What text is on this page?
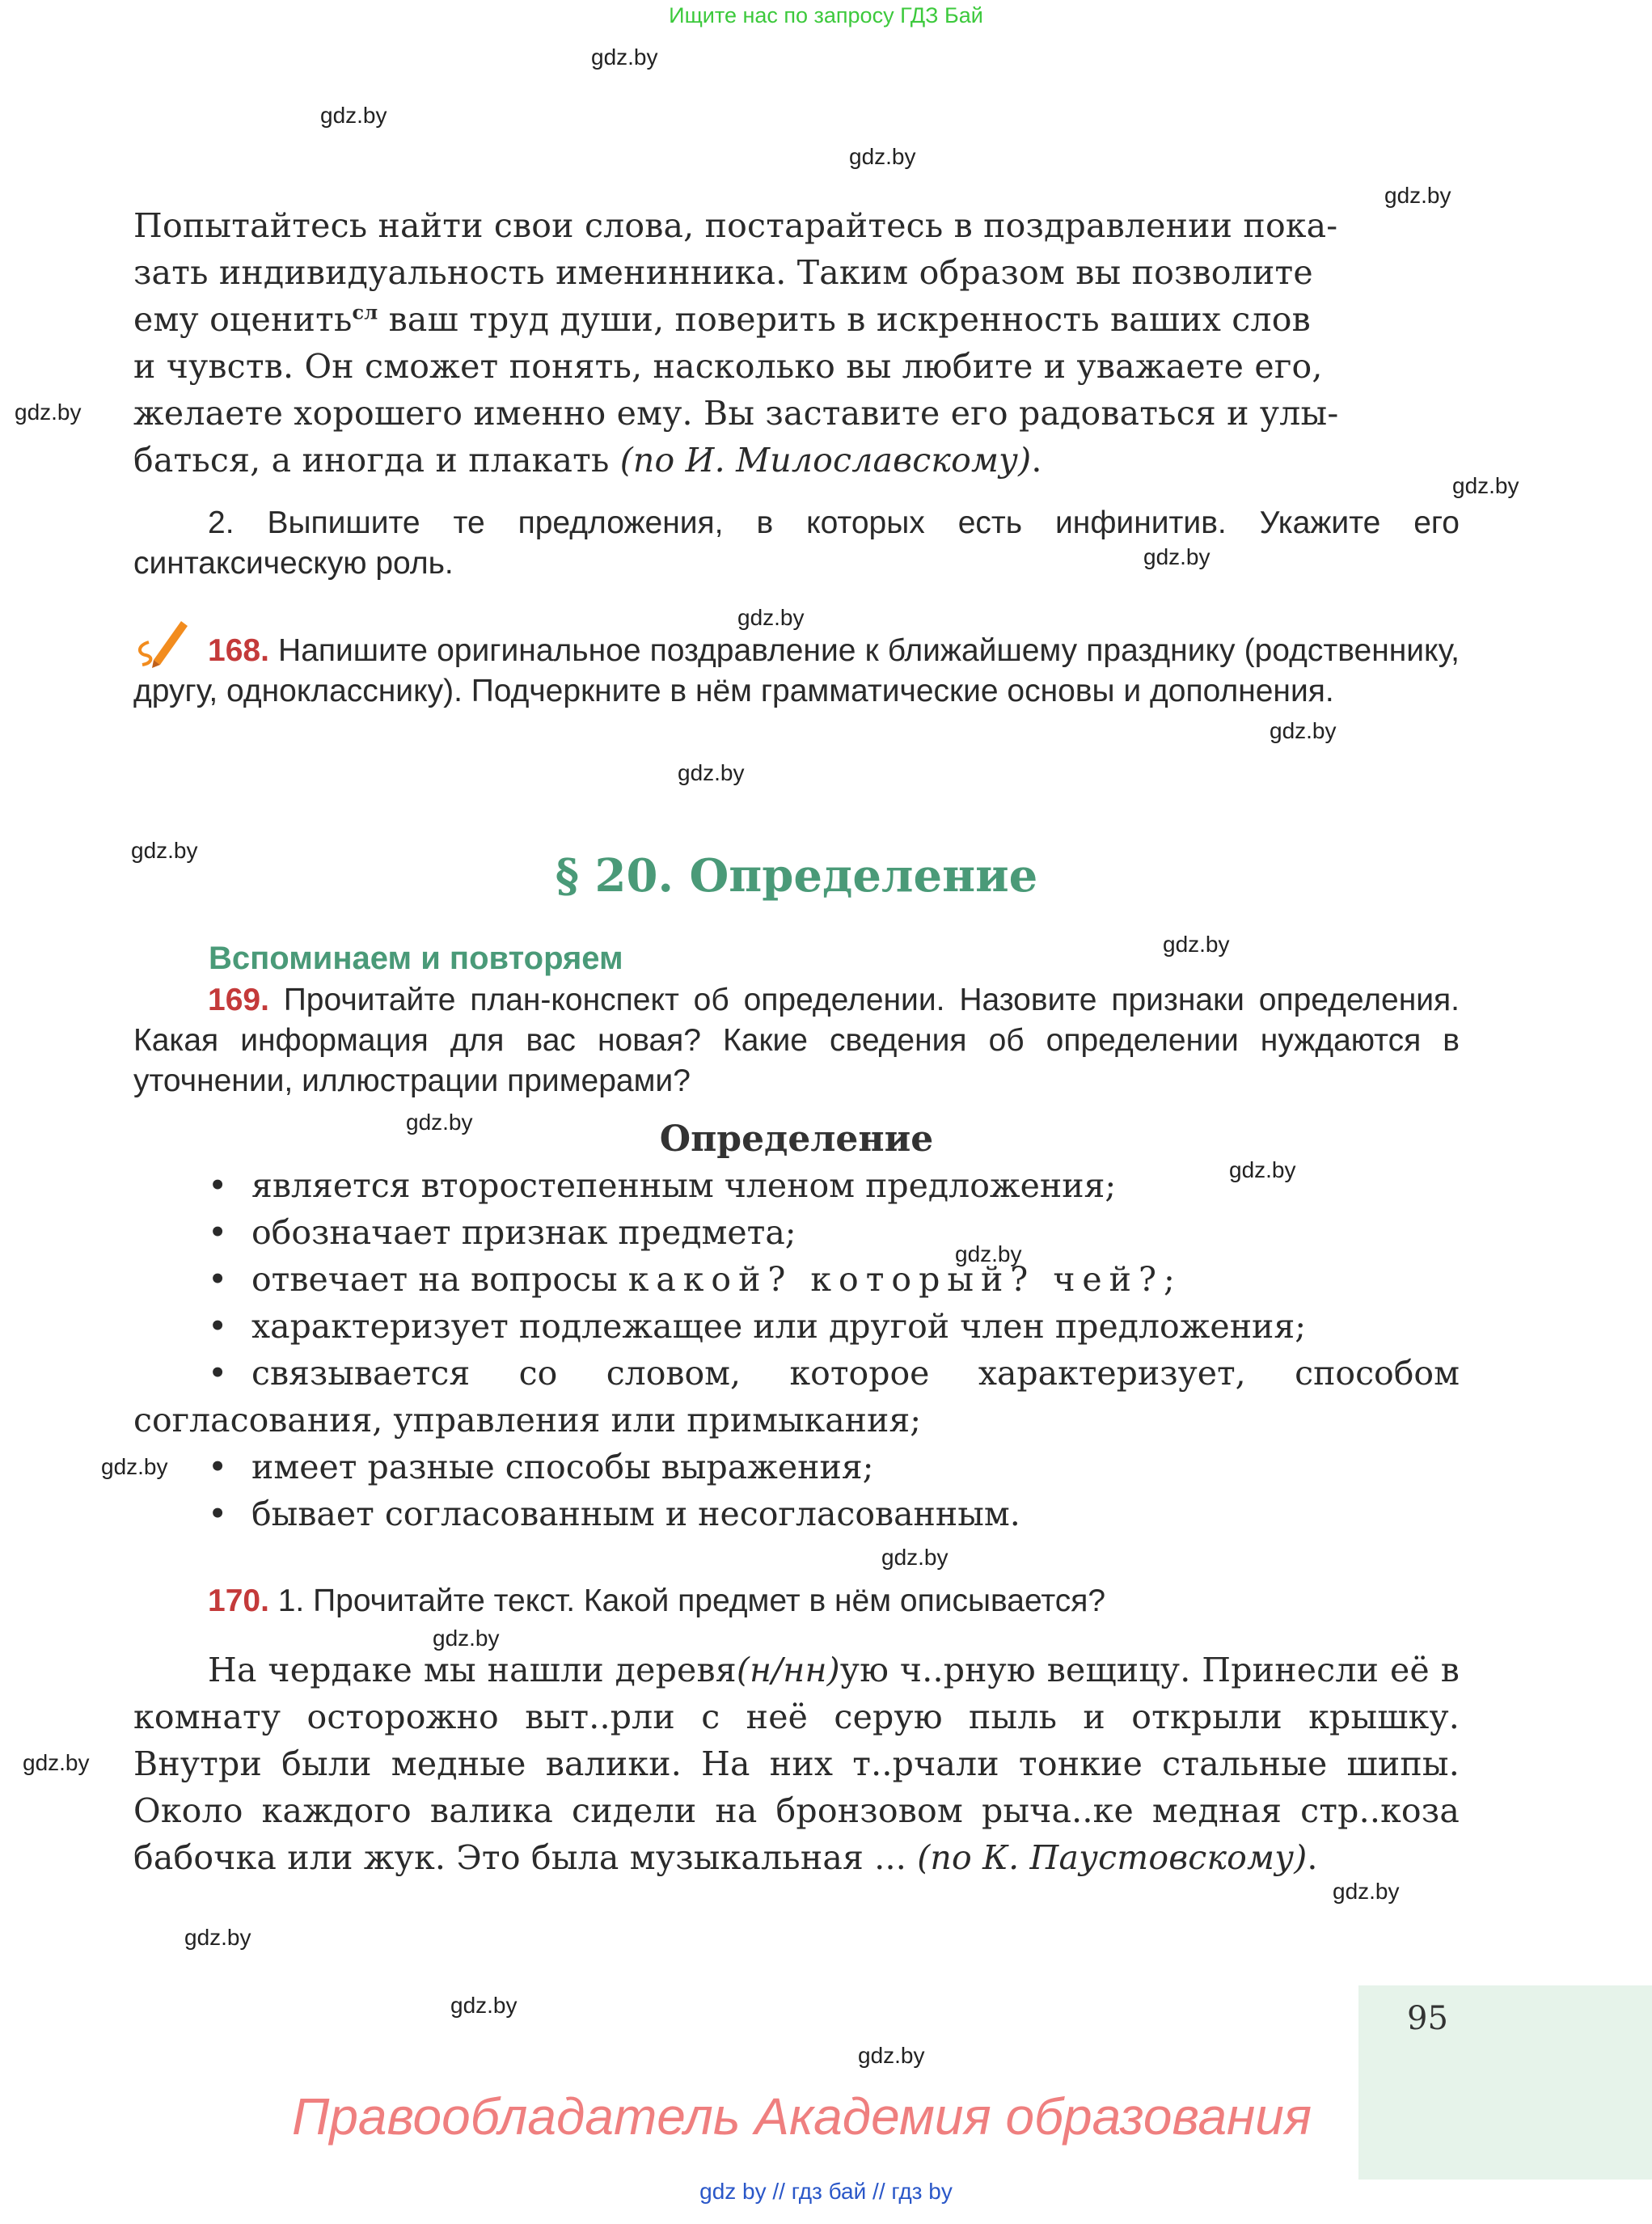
Ищите нас по запросу ГДЗ Бай
gdz.by
gdz.by
gdz.by
gdz.by
gdz.by
gdz.by
gdz.by
gdz.by
gdz.by
gdz.by
gdz.by
gdz.by
gdz.by
gdz.by
gdz.by
gdz.by
gdz.by
gdz.by
gdz.by
gdz.by
gdz.by
gdz.by
gdz.by
Попытайтесь найти свои слова, постарайтесь в поздравлении пока-
зать индивидуальность именинника. Таким образом вы позволите
ему оценить$^{сл}$ ваш труд души, поверить в искренность ваших слов
и чувств. Он сможет понять, насколько вы любите и уважаете его,
желаете хорошего именно ему. Вы заставите его радоваться и улы-
баться, а иногда и плакать (по И. Милославскому).
2. Выпишите те предложения, в которых есть инфинитив. Укажите его синтаксическую роль.
168. Напишите оригинальное поздравление к ближайшему празднику (родственнику, другу, однокласснику). Подчеркните в нём грамматические основы и дополнения.
§ 20. Определение
Вспоминаем и повторяем
169. Прочитайте план-конспект об определении. Назовите признаки определения. Какая информация для вас новая? Какие сведения об определении нуждаются в уточнении, иллюстрации примерами?
Определение
• является второстепенным членом предложения;
• обозначает признак предмета;
• отвечает на вопросы какой? который? чей?;
• характеризует подлежащее или другой член предложения;
• связывается со словом, которое характеризует, способом согласования, управления или примыкания;
• имеет разные способы выражения;
• бывает согласованным и несогласованным.
170. 1. Прочитайте текст. Какой предмет в нём описывается?
На чердаке мы нашли деревя(н/нн)ую ч..рную вещицу. Принесли её в комнату осторожно выт..рли с неё серую пыль и открыли крышку. Внутри были медные валики. На них т..рчали тонкие стальные шипы. Около каждого валика сидели на бронзовом рыча..ке медная стр..коза бабочка или жук. Это была музыкальная ... (по К. Паустовскому).
95
Правообладатель Академия образования
gdz by // гдз бай // гдз by
